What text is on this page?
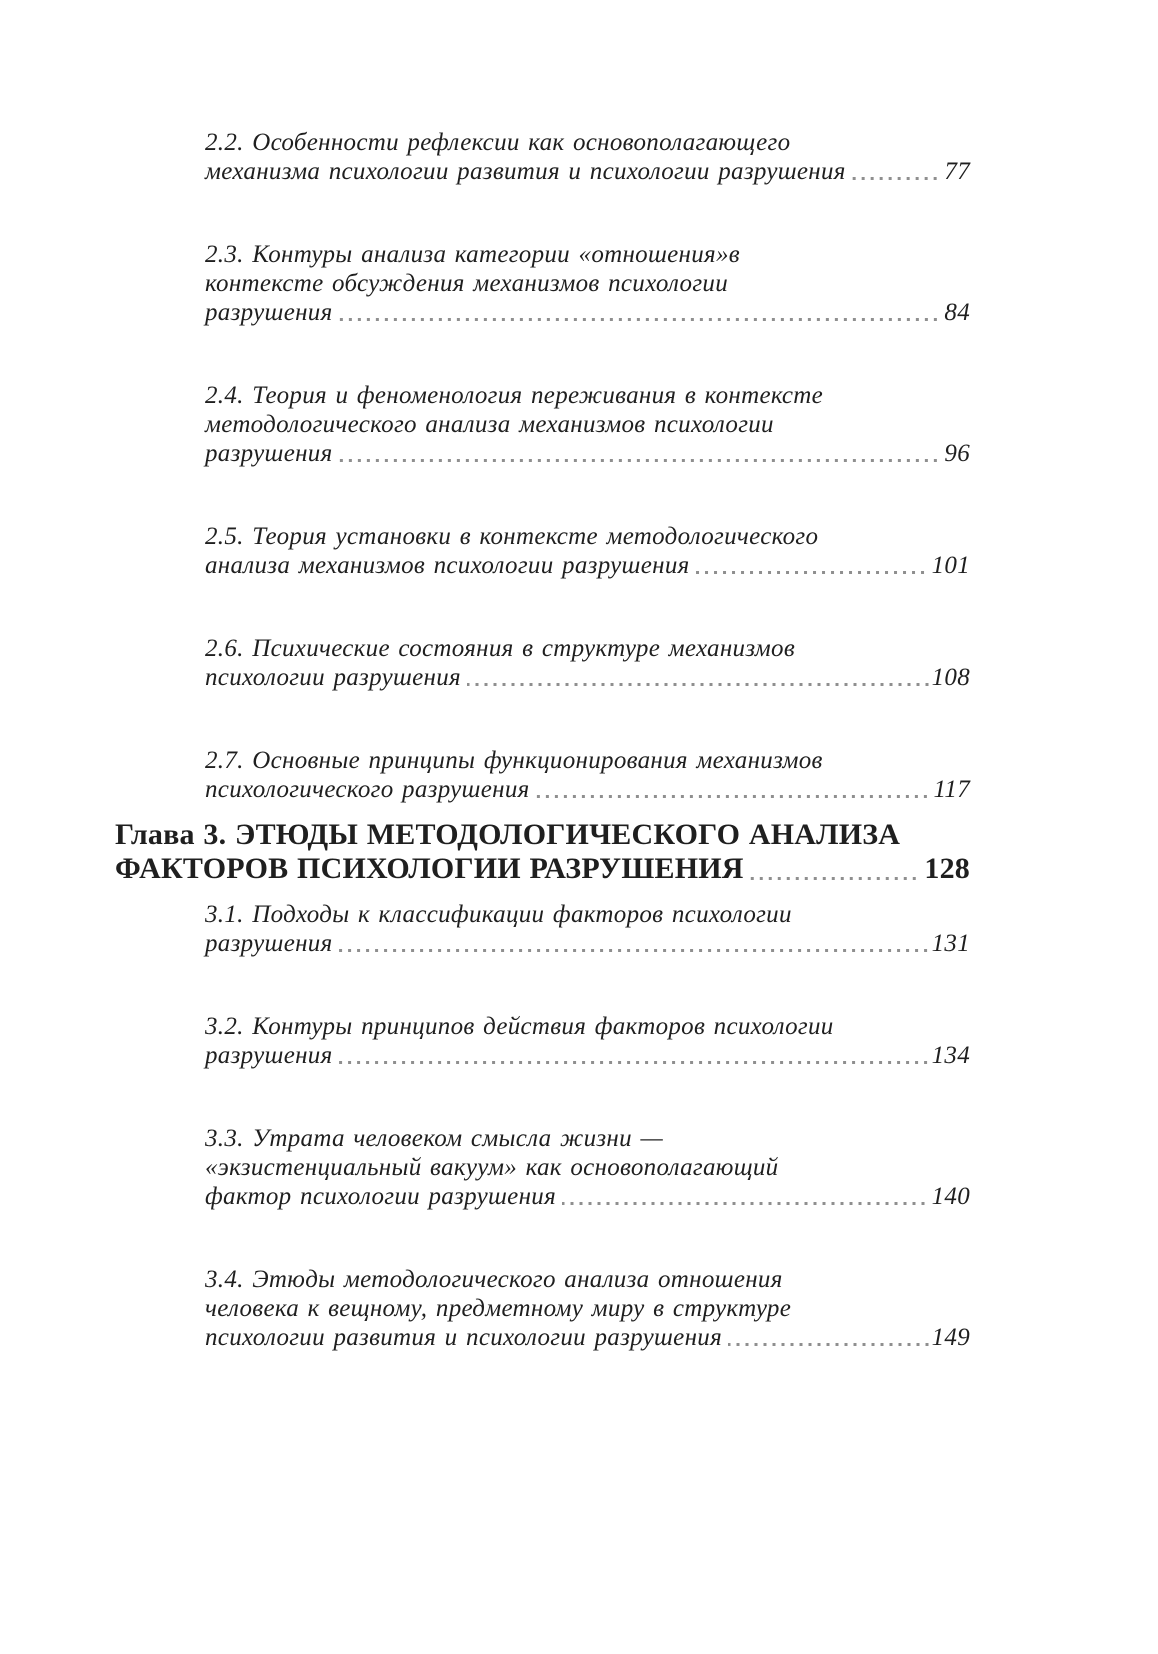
2.2. Особенности рефлексии как основополагающего
механизма психологии развития и психологии разрушения	77
2.3. Контуры анализа категории «отношения»в
контексте обсуждения механизмов психологии
разрушения	84
2.4. Теория и феноменология переживания в контексте
методологического анализа механизмов психологии
разрушения	96
2.5. Теория установки в контексте методологического
анализа механизмов психологии разрушения	101
2.6. Психические состояния в структуре механизмов
психологии разрушения	108
2.7. Основные принципы функционирования механизмов
психологического разрушения	117
Глава 3. ЭТЮДЫ МЕТОДОЛОГИЧЕСКОГО АНАЛИЗА
ФАКТОРОВ ПСИХОЛОГИИ РАЗРУШЕНИЯ	128
3.1. Подходы к классификации факторов психологии
разрушения	131
3.2. Контуры принципов действия факторов психологии
разрушения	134
3.3. Утрата человеком смысла жизни —
«экзистенциальный вакуум» как основополагающий
фактор психологии разрушения	140
3.4. Этюды методологического анализа отношения
человека к вещному, предметному миру в структуре
психологии развития и психологии разрушения	149
